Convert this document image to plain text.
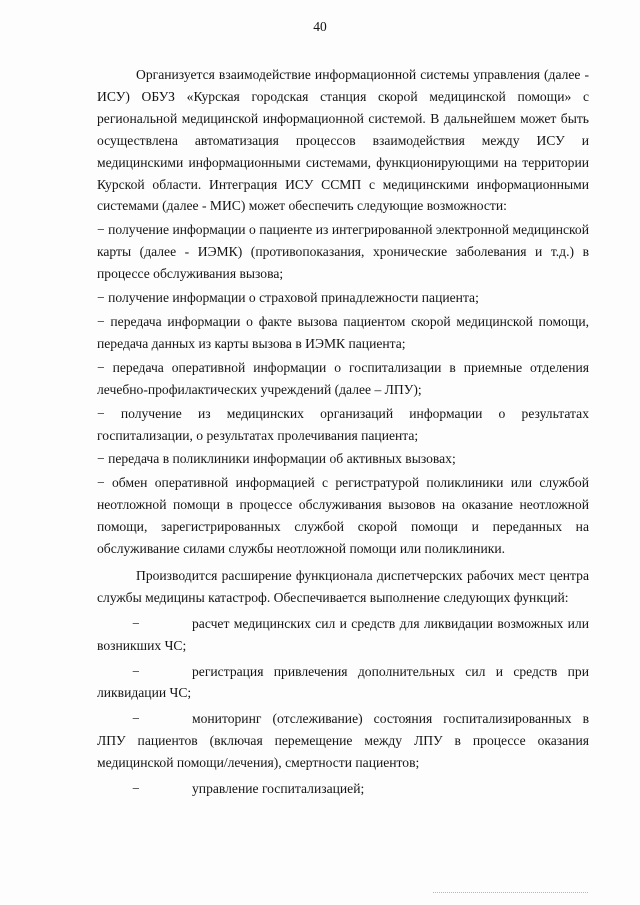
40

Организуется взаимодействие информационной системы управления (далее - ИСУ) ОБУЗ «Курская городская станция скорой медицинской помощи» с региональной медицинской информационной системой. В дальнейшем может быть осуществлена автоматизация процессов взаимодействия между ИСУ и медицинскими информационными системами, функционирующими на территории Курской области. Интеграция ИСУ ССМП с медицинскими информационными системами (далее - МИС) может обеспечить следующие возможности:

− получение информации о пациенте из интегрированной электронной медицинской карты (далее - ИЭМК) (противопоказания, хронические заболевания и т.д.) в процессе обслуживания вызова;

− получение информации о страховой принадлежности пациента;

− передача информации о факте вызова пациентом скорой медицинской помощи, передача данных из карты вызова в ИЭМК пациента;

− передача оперативной информации о госпитализации в приемные отделения лечебно-профилактических учреждений (далее – ЛПУ);

− получение из медицинских организаций информации о результатах госпитализации, о результатах пролечивания пациента;

− передача в поликлиники информации об активных вызовах;

− обмен оперативной информацией с регистратурой поликлиники или службой неотложной помощи в процессе обслуживания вызовов на оказание неотложной помощи, зарегистрированных службой скорой помощи и переданных на обслуживание силами службы неотложной помощи или поликлиники.

Производится расширение функционала диспетчерских рабочих мест центра службы медицины катастроф. Обеспечивается выполнение следующих функций:

−	расчет медицинских сил и средств для ликвидации возможных или возникших ЧС;

−	регистрация привлечения дополнительных сил и средств при ликвидации ЧС;

−	мониторинг (отслеживание) состояния госпитализированных в ЛПУ пациентов (включая перемещение между ЛПУ в процессе оказания медицинской помощи/лечения), смертности пациентов;

−	управление госпитализацией;
